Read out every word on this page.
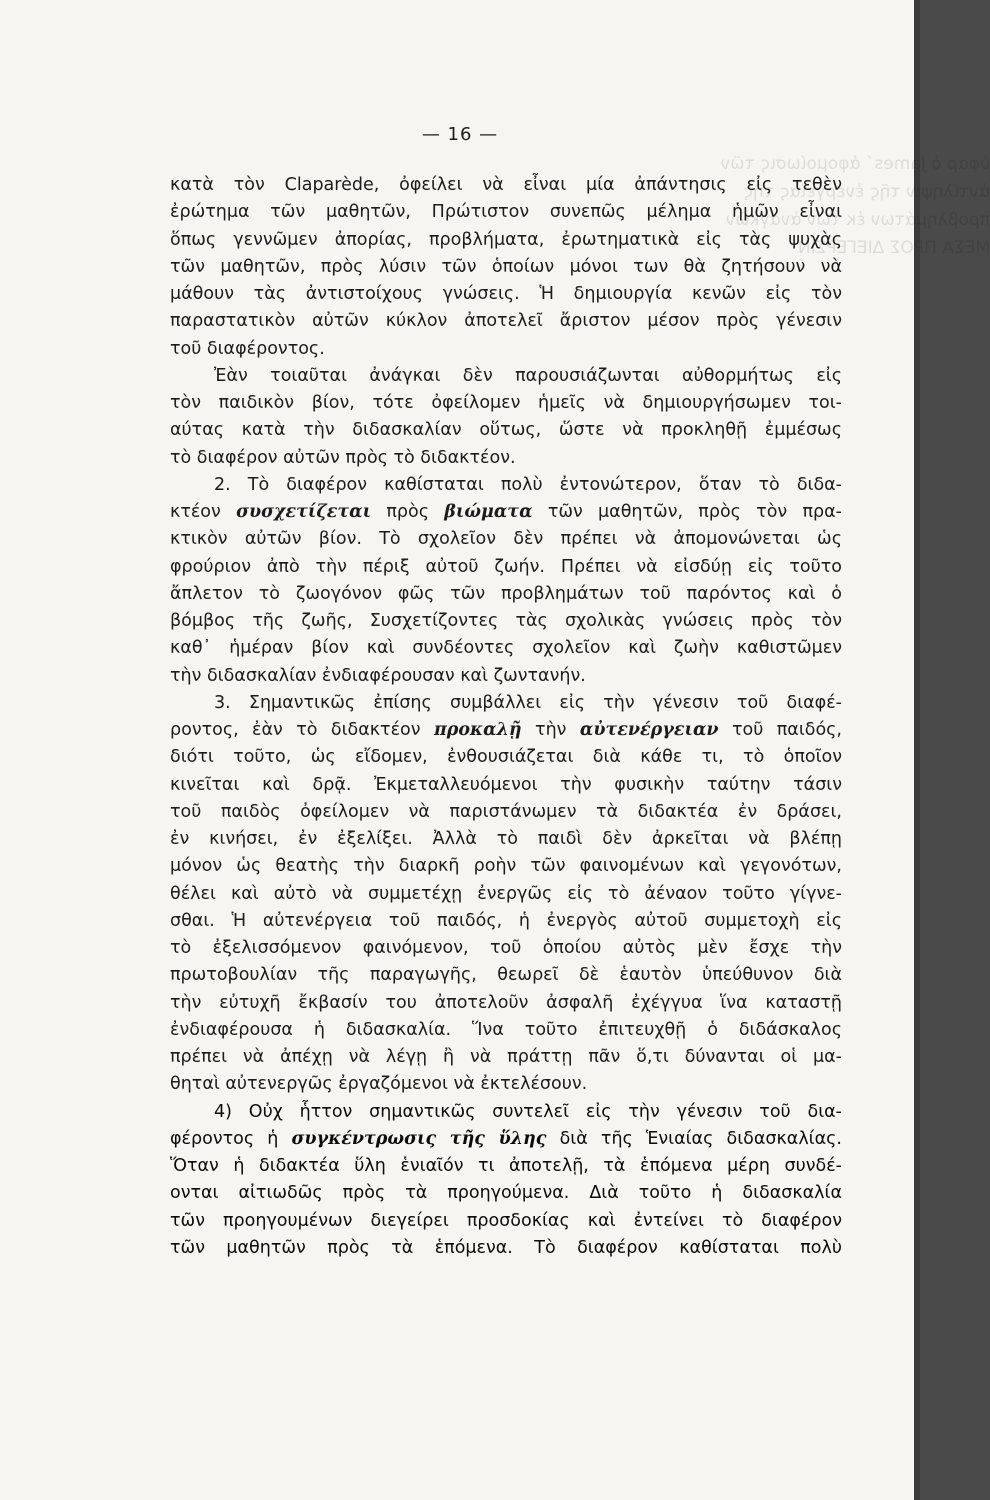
ὑφαρ ὁ Jamesˊ ἀφομοίωσις τῶν
ἀντίληψιν τῆς ἐνεργείας τῆς
προβλημάτων ἐκ τῶν ἀναγκῶν
ΜΕΣΑ ΠΡΟΣ ΔΙΕΓΕΡΣΙΝ
— 16 —

κατὰ τὸν Claparède, ὀφείλει νὰ εἶναι μία ἀπάντησις εἰς τεθὲν
ἐρώτημα τῶν μαθητῶν, Πρώτιστον συνεπῶς μέλημα ἡμῶν εἶναι
ὅπως γεννῶμεν ἀπορίας, προβλήματα, ἐρωτηματικὰ εἰς τὰς ψυχὰς
τῶν μαθητῶν, πρὸς λύσιν τῶν ὁποίων μόνοι των θὰ ζητήσουν νὰ
μάθουν τὰς ἀντιστοίχους γνώσεις. Ἡ δημιουργία κενῶν εἰς τὸν
παραστατικὸν αὐτῶν κύκλον ἀποτελεῖ ἄριστον μέσον πρὸς γένεσιν
τοῦ διαφέροντος.

Ἐὰν τοιαῦται ἀνάγκαι δὲν παρουσιάζωνται αὐθορμήτως εἰς
τὸν παιδικὸν βίον, τότε ὀφείλομεν ἡμεῖς νὰ δημιουργήσωμεν τοι-
αύτας κατὰ τὴν διδασκαλίαν οὕτως, ὥστε νὰ προκληθῇ ἐμμέσως
τὸ διαφέρον αὐτῶν πρὸς τὸ διδακτέον.

2. Τὸ διαφέρον καθίσταται πολὺ ἐντονώτερον, ὅταν τὸ διδα-
κτέον συσχετίζεται πρὸς βιώματα τῶν μαθητῶν, πρὸς τὸν πρα-
κτικὸν αὐτῶν βίον. Τὸ σχολεῖον δὲν πρέπει νὰ ἀπομονώνεται ὡς
φρούριον ἀπὸ τὴν πέριξ αὐτοῦ ζωήν. Πρέπει νὰ εἰσδύῃ εἰς τοῦτο
ἄπλετον τὸ ζωογόνον φῶς τῶν προβλημάτων τοῦ παρόντος καὶ ὁ
βόμβος τῆς ζωῆς, Συσχετίζοντες τὰς σχολικὰς γνώσεις πρὸς τὸν
καθ᾽ ἡμέραν βίον καὶ συνδέοντες σχολεῖον καὶ ζωὴν καθιστῶμεν
τὴν διδασκαλίαν ἐνδιαφέρουσαν καὶ ζωντανήν.

3. Σημαντικῶς ἐπίσης συμβάλλει εἰς τὴν γένεσιν τοῦ διαφέ-
ροντος, ἐὰν τὸ διδακτέον προκαλῇ τὴν αὐτενέργειαν τοῦ παιδός,
διότι τοῦτο, ὡς εἴδομεν, ἐνθουσιάζεται διὰ κάθε τι, τὸ ὁποῖον
κινεῖται καὶ δρᾷ. Ἐκμεταλλευόμενοι τὴν φυσικὴν ταύτην τάσιν
τοῦ παιδὸς ὀφείλομεν νὰ παριστάνωμεν τὰ διδακτέα ἐν δράσει,
ἐν κινήσει, ἐν ἐξελίξει. Ἀλλὰ τὸ παιδὶ δὲν ἀρκεῖται νὰ βλέπῃ
μόνον ὡς θεατὴς τὴν διαρκῆ ροὴν τῶν φαινομένων καὶ γεγονότων,
θέλει καὶ αὐτὸ νὰ συμμετέχῃ ἐνεργῶς εἰς τὸ ἀέναον τοῦτο γίγνε-
σθαι. Ἡ αὐτενέργεια τοῦ παιδός, ἡ ἐνεργὸς αὐτοῦ συμμετοχὴ εἰς
τὸ ἐξελισσόμενον φαινόμενον, τοῦ ὁποίου αὐτὸς μὲν ἔσχε τὴν
πρωτοβουλίαν τῆς παραγωγῆς, θεωρεῖ δὲ ἑαυτὸν ὑπεύθυνον διὰ
τὴν εὐτυχῆ ἔκβασίν του ἀποτελοῦν ἀσφαλῆ ἐχέγγυα ἵνα καταστῇ
ἐνδιαφέρουσα ἡ διδασκαλία. Ἵνα τοῦτο ἐπιτευχθῇ ὁ διδάσκαλος
πρέπει νὰ ἀπέχῃ νὰ λέγῃ ἢ νὰ πράττῃ πᾶν ὅ,τι δύνανται οἱ μα-
θηταὶ αὐτενεργῶς ἐργαζόμενοι νὰ ἐκτελέσουν.

4) Οὐχ ἧττον σημαντικῶς συντελεῖ εἰς τὴν γένεσιν τοῦ δια-
φέροντος ἡ συγκέντρωσις τῆς ὕλης διὰ τῆς Ἑνιαίας διδασκαλίας.
Ὅταν ἡ διδακτέα ὕλη ἑνιαῖόν τι ἀποτελῇ, τὰ ἑπόμενα μέρη συνδέ-
ονται αἰτιωδῶς πρὸς τὰ προηγούμενα. Διὰ τοῦτο ἡ διδασκαλία
τῶν προηγουμένων διεγείρει προσδοκίας καὶ ἐντείνει τὸ διαφέρον
τῶν μαθητῶν πρὸς τὰ ἑπόμενα. Τὸ διαφέρον καθίσταται πολὺ
